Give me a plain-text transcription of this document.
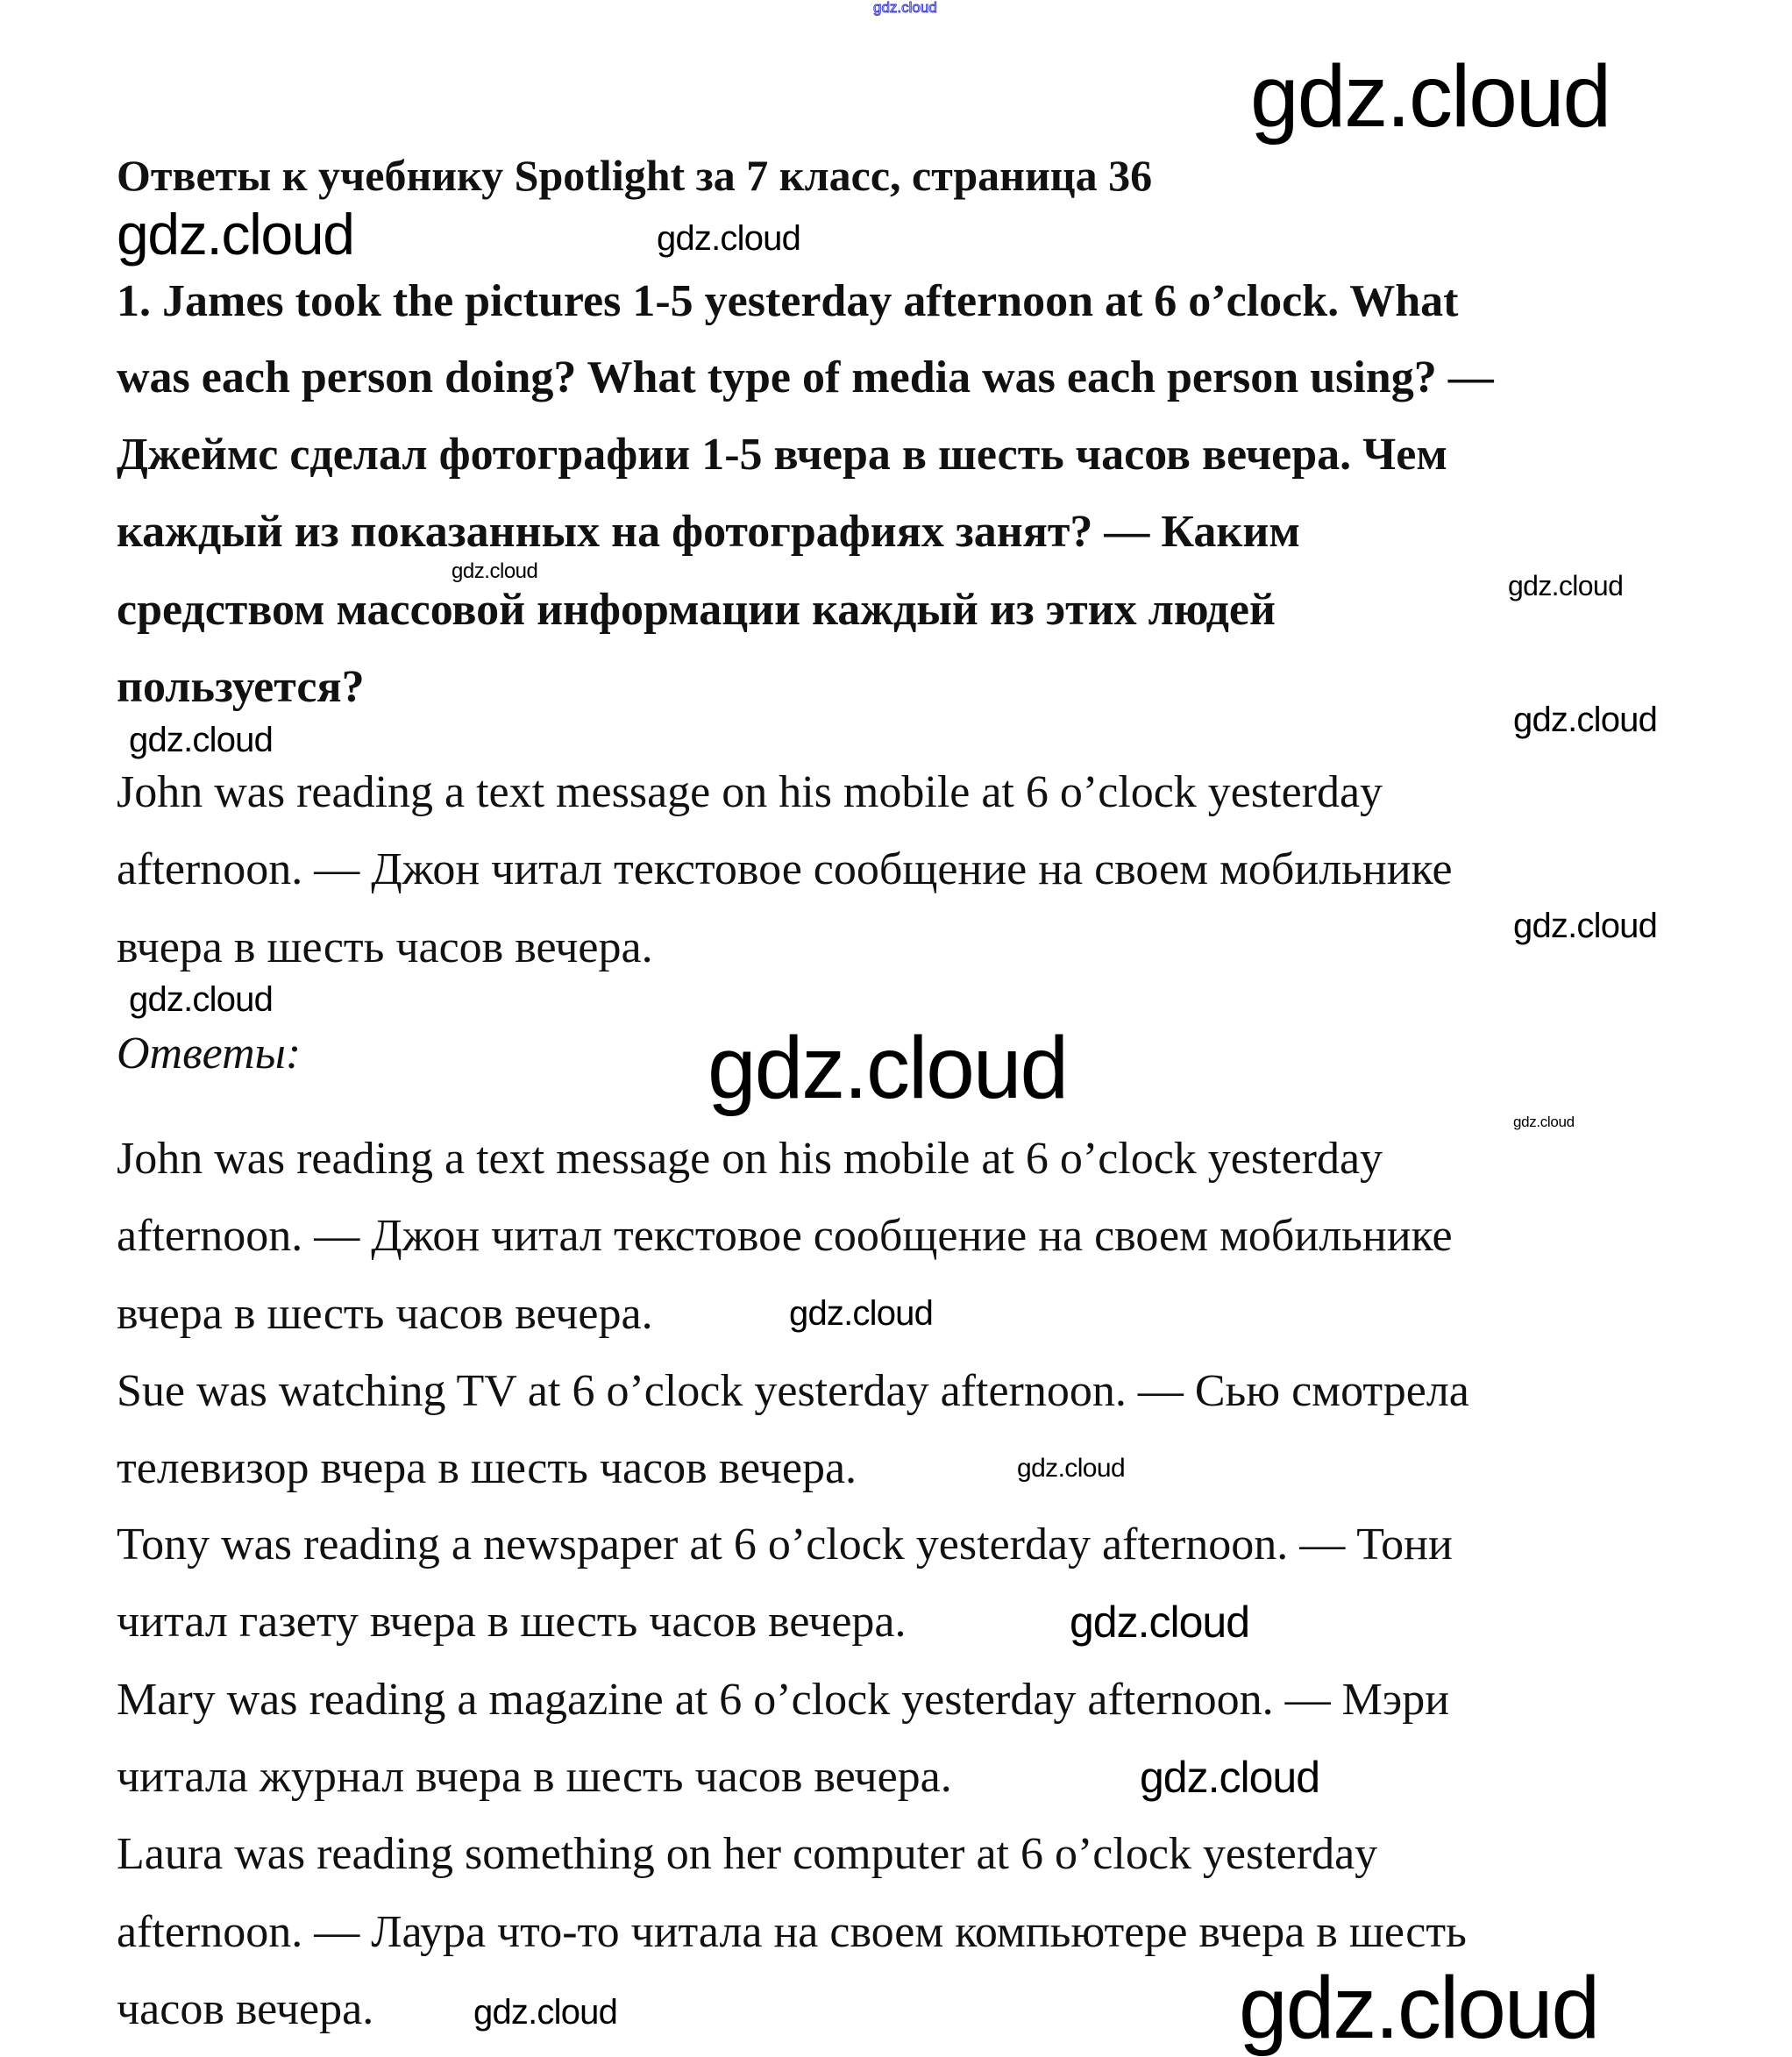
gdz.cloud
Ответы к учебнику Spotlight за 7 класс, страница 36
1. James took the pictures 1-5 yesterday afternoon at 6 o’clock. What
was each person doing? What type of media was each person using? —
Джеймс сделал фотографии 1-5 вчера в шесть часов вечера. Чем
каждый из показанных на фотографиях занят? — Каким
средством массовой информации каждый из этих людей
пользуется?
John was reading a text message on his mobile at 6 o’clock yesterday
afternoon. — Джон читал текстовое сообщение на своем мобильнике
вчера в шесть часов вечера.
Ответы:
John was reading a text message on his mobile at 6 o’clock yesterday
afternoon. — Джон читал текстовое сообщение на своем мобильнике
вчера в шесть часов вечера.
Sue was watching TV at 6 o’clock yesterday afternoon. — Сью смотрела
телевизор вчера в шесть часов вечера.
Tony was reading a newspaper at 6 o’clock yesterday afternoon. — Тони
читал газету вчера в шесть часов вечера.
Mary was reading a magazine at 6 o’clock yesterday afternoon. — Мэри
читала журнал вчера в шесть часов вечера.
Laura was reading something on her computer at 6 o’clock yesterday
afternoon. — Лаура что-то читала на своем компьютере вчера в шесть
часов вечера.
gdz.cloud	gdz.cloud
gdz.cloud
gdz.cloud	gdz.cloud
gdz.cloud
gdz.cloud
gdz.cloud
gdz.cloud
gdz.cloud
gdz.cloud
gdz.cloud
gdz.cloud
gdz.cloud
gdz.cloud
gdz.cloud
gdz.cloud
